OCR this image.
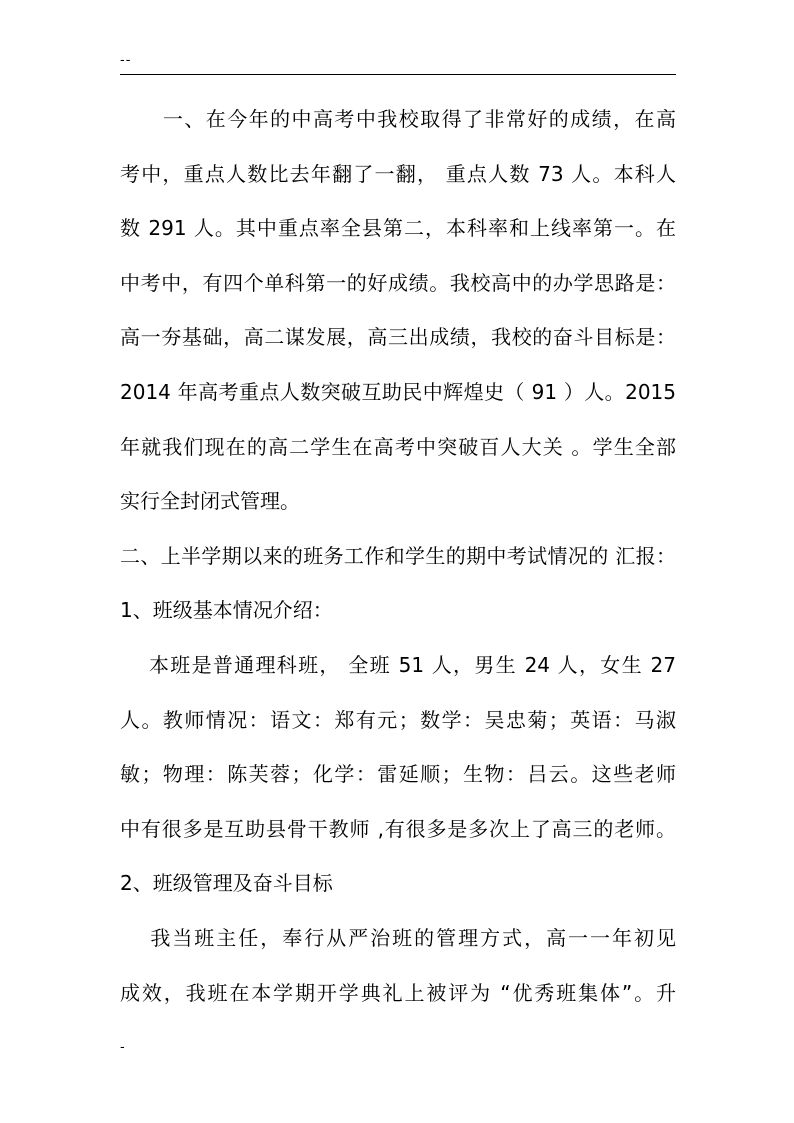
--
　　一、在今年的中高考中我校取得了非常好的成绩，在高
考中，重点人数比去年翻了一翻， 重点人数 73 人。本科人
数 291 人。其中重点率全县第二，本科率和上线率第一。在
中考中，有四个单科第一的好成绩。我校高中的办学思路是：
高一夯基础，高二谋发展，高三出成绩，我校的奋斗目标是：
2014 年高考重点人数突破互助民中辉煌史（ 91 ）人。2015
年就我们现在的高二学生在高考中突破百人大关 。学生全部
实行全封闭式管理。
二、上半学期以来的班务工作和学生的期中考试情况的 汇报：
1、班级基本情况介绍：
　 本班是普通理科班， 全班 51 人，男生 24 人，女生 27
人。教师情况：语文：郑有元；数学：吴忠菊；英语：马淑
敏；物理：陈芙蓉；化学：雷延顺；生物：吕云。这些老师
中有很多是互助县骨干教师 ,有很多是多次上了高三的老师。
2、班级管理及奋斗目标
　 我当班主任，奉行从严治班的管理方式，高一一年初见
成效，我班在本学期开学典礼上被评为 “优秀班集体”。升
-
